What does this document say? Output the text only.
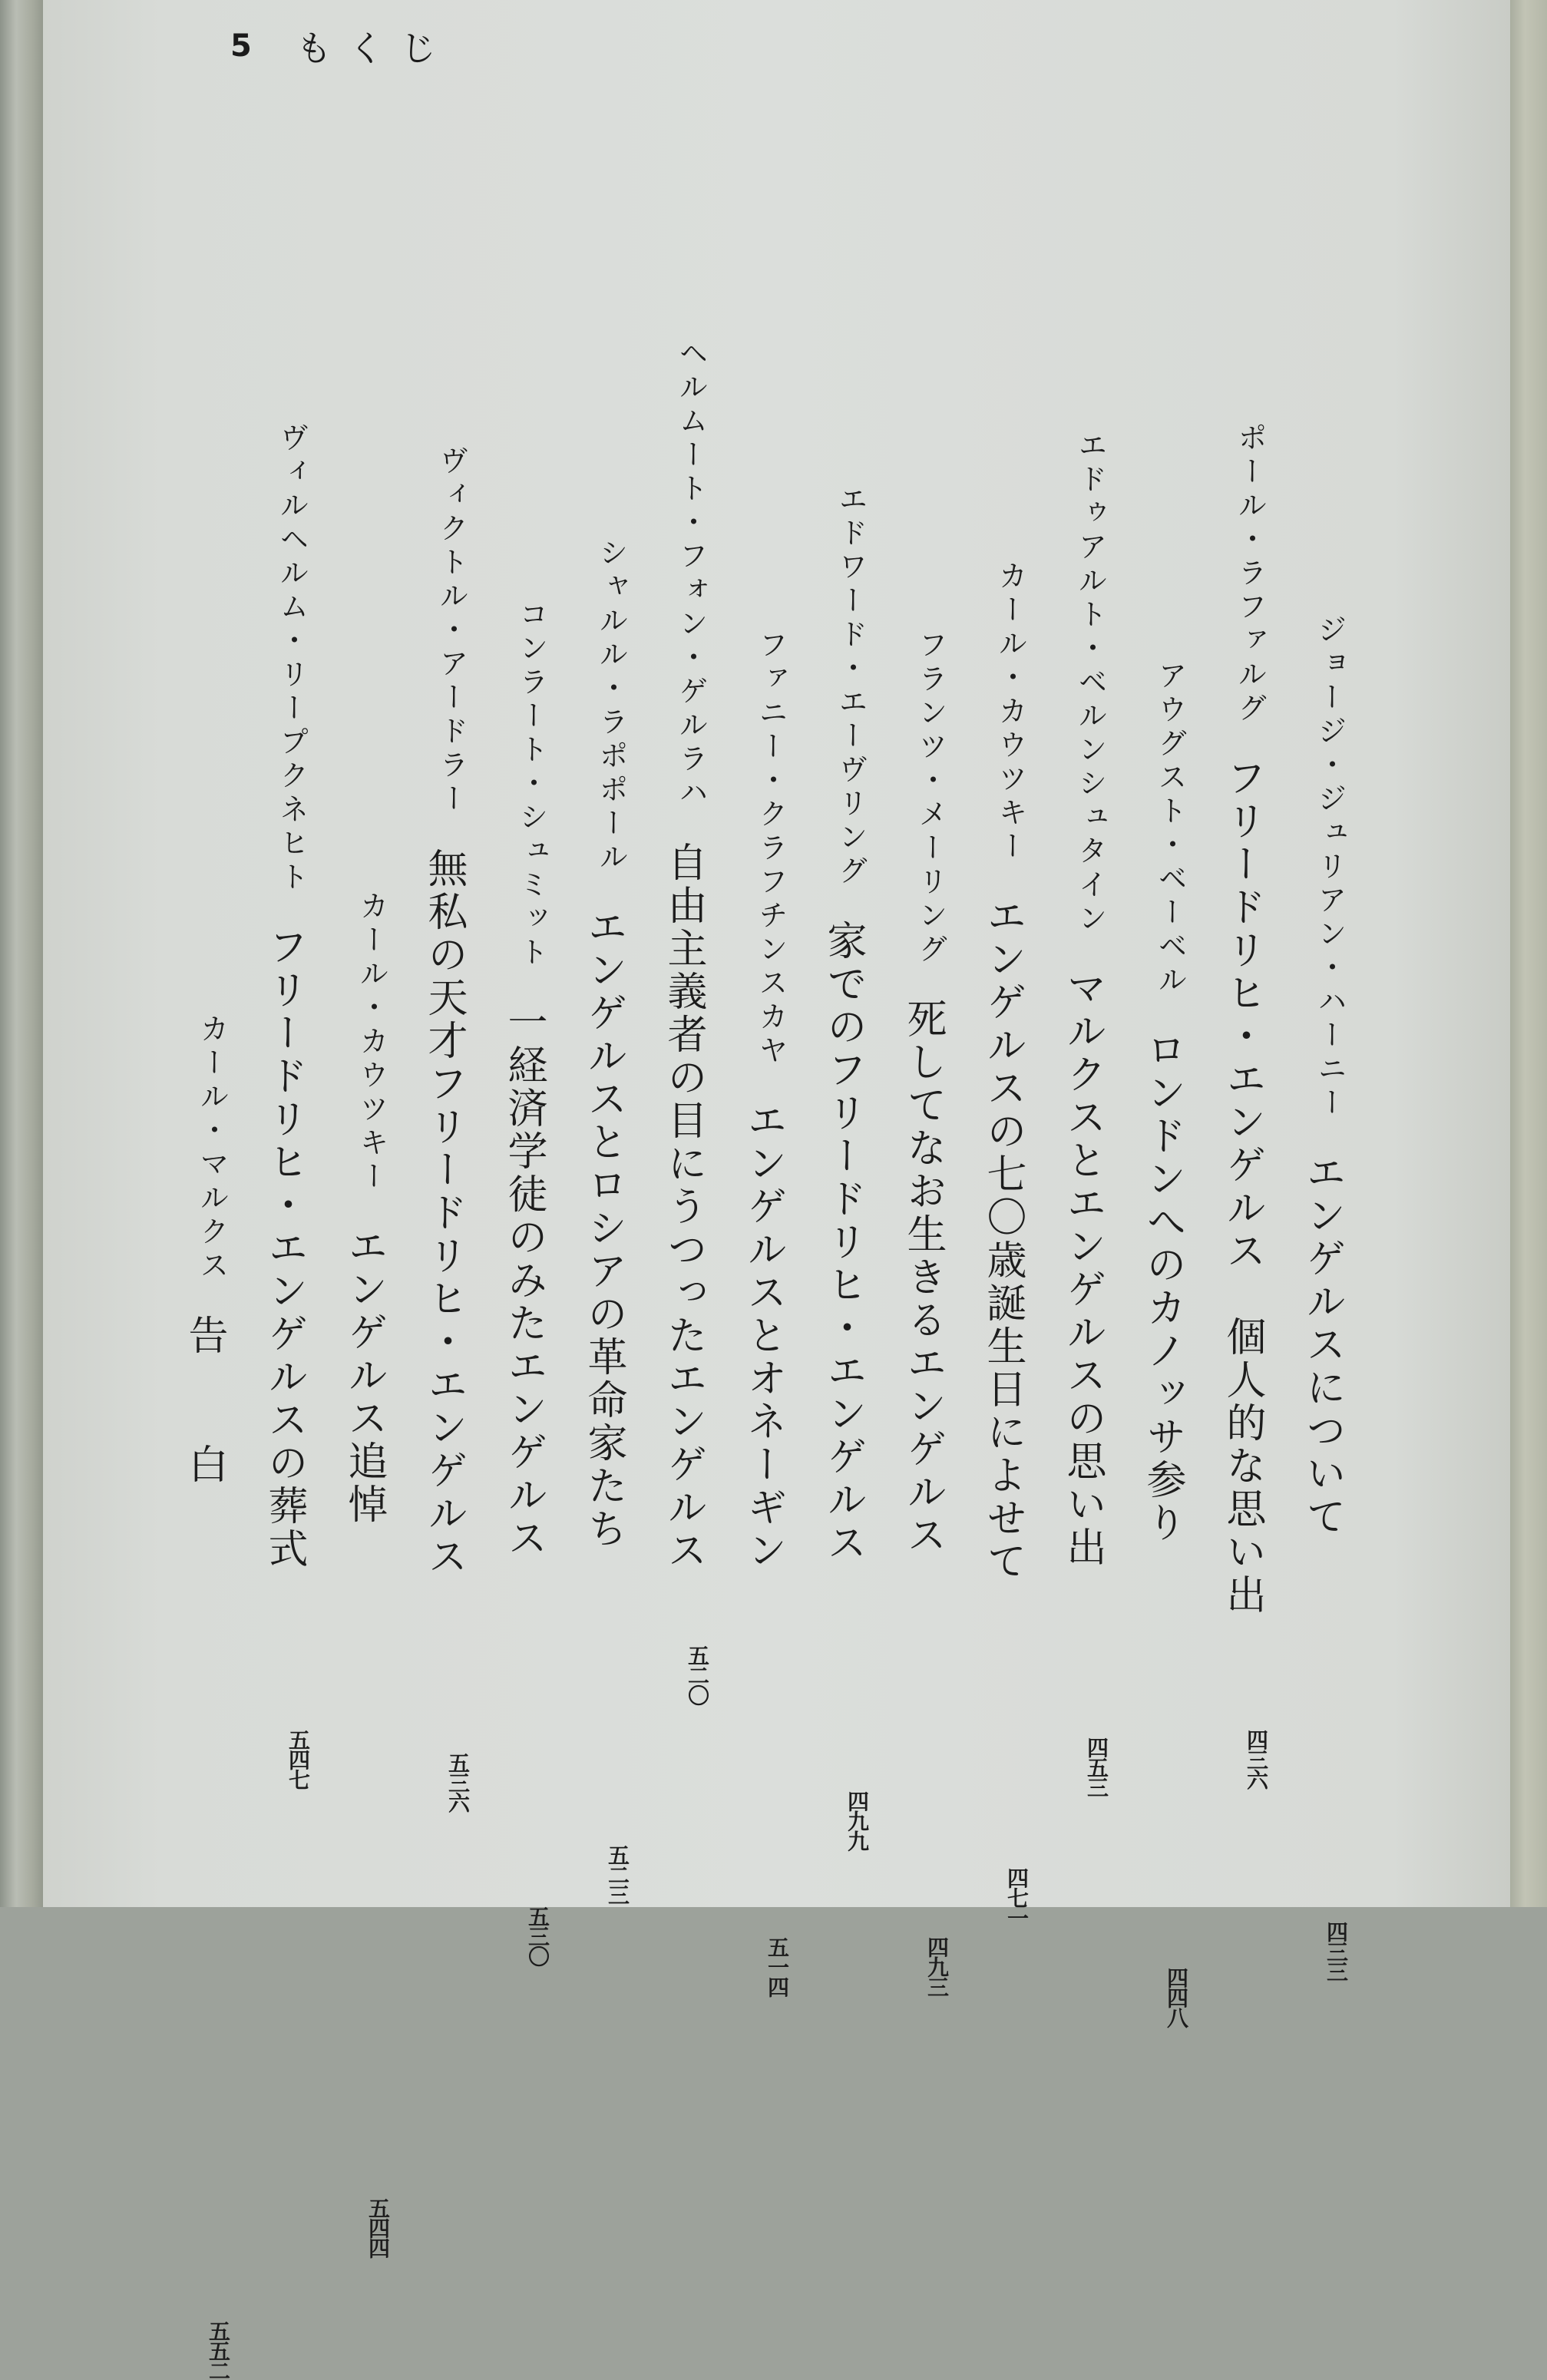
5 もくじ
ジョージ・ジュリアン・ハーニー
エンゲルスについて
四三三
ポール・ラファルグ
フリードリヒ・エンゲルス　個人的な思い出
四三六
アウグスト・ベーベル
ロンドンへのカノッサ参り
四四八
エドゥアルト・ベルンシュタイン
マルクスとエンゲルスの思い出
四五三
カール・カウツキー
エンゲルスの七〇歳誕生日によせて
四七一
フランツ・メーリング
死してなお生きるエンゲルス
四九三
エドワード・エーヴリング
家でのフリードリヒ・エンゲルス
四九九
ファニー・クラフチンスカヤ
エンゲルスとオネーギン
五一四
ヘルムート・フォン・ゲルラハ
自由主義者の目にうつったエンゲルス
五二〇
シャルル・ラポポール
エンゲルスとロシアの革命家たち
五二三
コンラート・シュミット
一経済学徒のみたエンゲルス
五三〇
ヴィクトル・アードラー
無私の天才フリードリヒ・エンゲルス
五三六
カール・カウツキー
エンゲルス追悼
五四四
ヴィルヘルム・リープクネヒト
フリードリヒ・エンゲルスの葬式
五四七
カール・マルクス
告　　白
五五二
